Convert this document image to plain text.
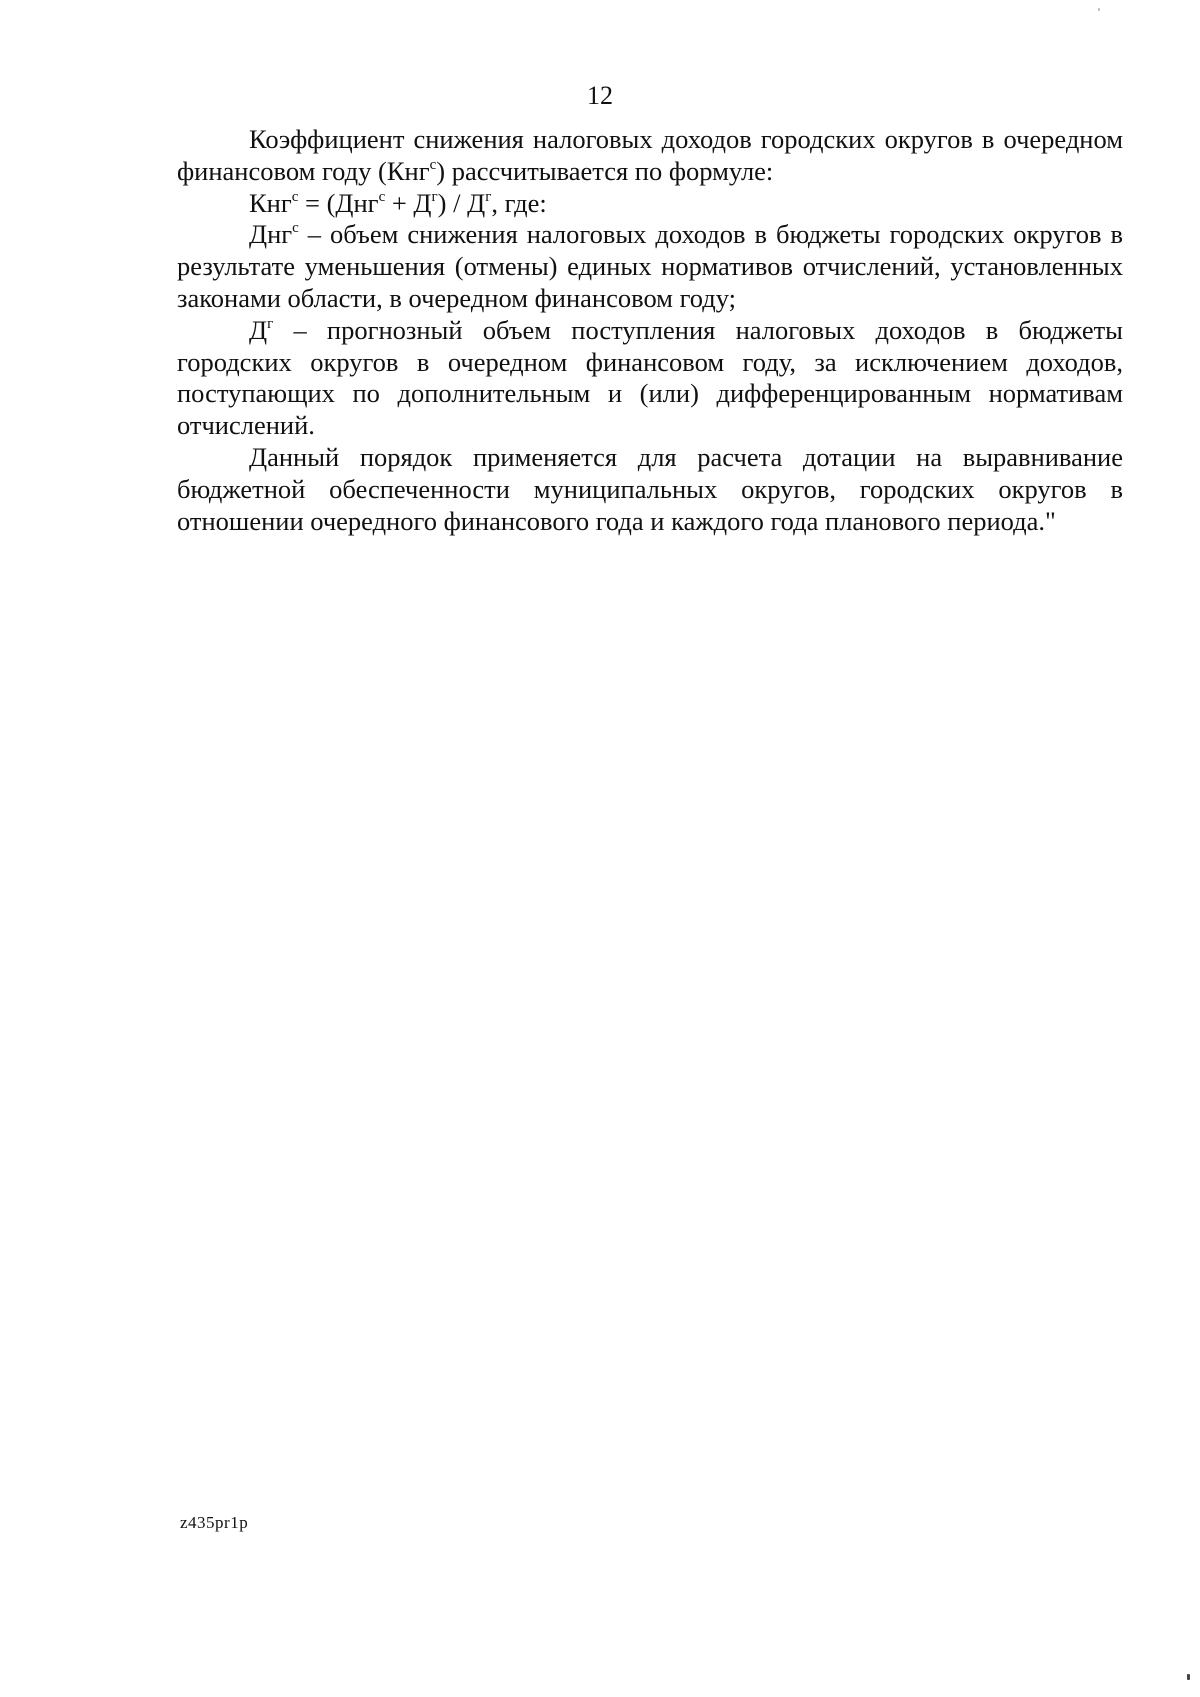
12

Коэффициент снижения налоговых доходов городских округов в очередном финансовом году (Кнг$^с$) рассчитывается по формуле:

$Кнг^с = (Днг^с + Д^г) / Д^г$, где:

Днг$^с$ – объем снижения налоговых доходов в бюджеты городских округов в результате уменьшения (отмены) единых нормативов отчислений, установленных законами области, в очередном финансовом году;

$Д^г$ – прогнозный объем поступления налоговых доходов в бюджеты городских округов в очередном финансовом году, за исключением доходов, поступающих по дополнительным и (или) дифференцированным нормативам отчислений.

Данный порядок применяется для расчета дотации на выравнивание бюджетной обеспеченности муниципальных округов, городских округов в отношении очередного финансового года и каждого года планового периода."

z435pr1p
